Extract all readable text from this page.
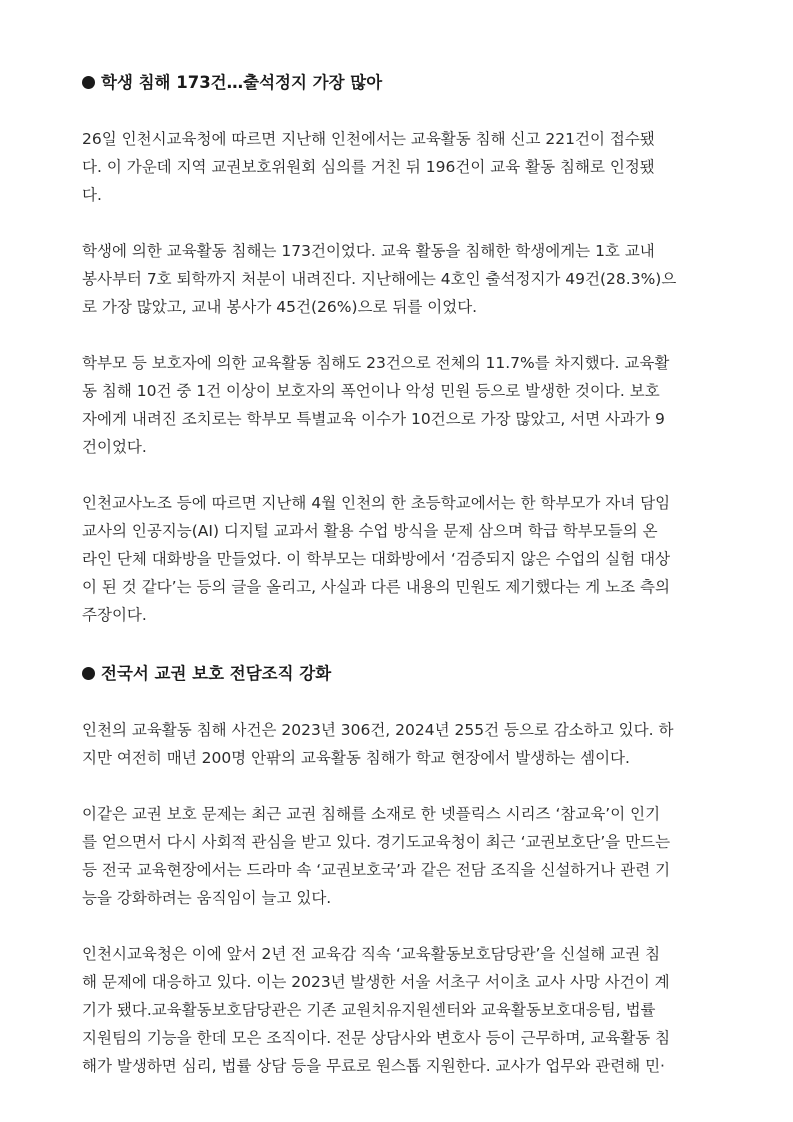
학생 침해 173건…출석정지 가장 많아

26일 인천시교육청에 따르면 지난해 인천에서는 교육활동 침해 신고 221건이 접수됐
다. 이 가운데 지역 교권보호위원회 심의를 거친 뒤 196건이 교육 활동 침해로 인정됐
다.

학생에 의한 교육활동 침해는 173건이었다. 교육 활동을 침해한 학생에게는 1호 교내
봉사부터 7호 퇴학까지 처분이 내려진다. 지난해에는 4호인 출석정지가 49건(28.3%)으
로 가장 많았고, 교내 봉사가 45건(26%)으로 뒤를 이었다.

학부모 등 보호자에 의한 교육활동 침해도 23건으로 전체의 11.7%를 차지했다. 교육활
동 침해 10건 중 1건 이상이 보호자의 폭언이나 악성 민원 등으로 발생한 것이다. 보호
자에게 내려진 조치로는 학부모 특별교육 이수가 10건으로 가장 많았고, 서면 사과가 9
건이었다.

인천교사노조 등에 따르면 지난해 4월 인천의 한 초등학교에서는 한 학부모가 자녀 담임
교사의 인공지능(AI) 디지털 교과서 활용 수업 방식을 문제 삼으며 학급 학부모들의 온
라인 단체 대화방을 만들었다. 이 학부모는 대화방에서 ‘검증되지 않은 수업의 실험 대상
이 된 것 같다’는 등의 글을 올리고, 사실과 다른 내용의 민원도 제기했다는 게 노조 측의
주장이다.

전국서 교권 보호 전담조직 강화

인천의 교육활동 침해 사건은 2023년 306건, 2024년 255건 등으로 감소하고 있다. 하
지만 여전히 매년 200명 안팎의 교육활동 침해가 학교 현장에서 발생하는 셈이다.

이같은 교권 보호 문제는 최근 교권 침해를 소재로 한 넷플릭스 시리즈 ‘참교육’이 인기
를 얻으면서 다시 사회적 관심을 받고 있다. 경기도교육청이 최근 ‘교권보호단’을 만드는
등 전국 교육현장에서는 드라마 속 ‘교권보호국’과 같은 전담 조직을 신설하거나 관련 기
능을 강화하려는 움직임이 늘고 있다.

인천시교육청은 이에 앞서 2년 전 교육감 직속 ‘교육활동보호담당관’을 신설해 교권 침
해 문제에 대응하고 있다. 이는 2023년 발생한 서울 서초구 서이초 교사 사망 사건이 계
기가 됐다.교육활동보호담당관은 기존 교원치유지원센터와 교육활동보호대응팀, 법률
지원팀의 기능을 한데 모은 조직이다. 전문 상담사와 변호사 등이 근무하며, 교육활동 침
해가 발생하면 심리, 법률 상담 등을 무료로 원스톱 지원한다. 교사가 업무와 관련해 민·
